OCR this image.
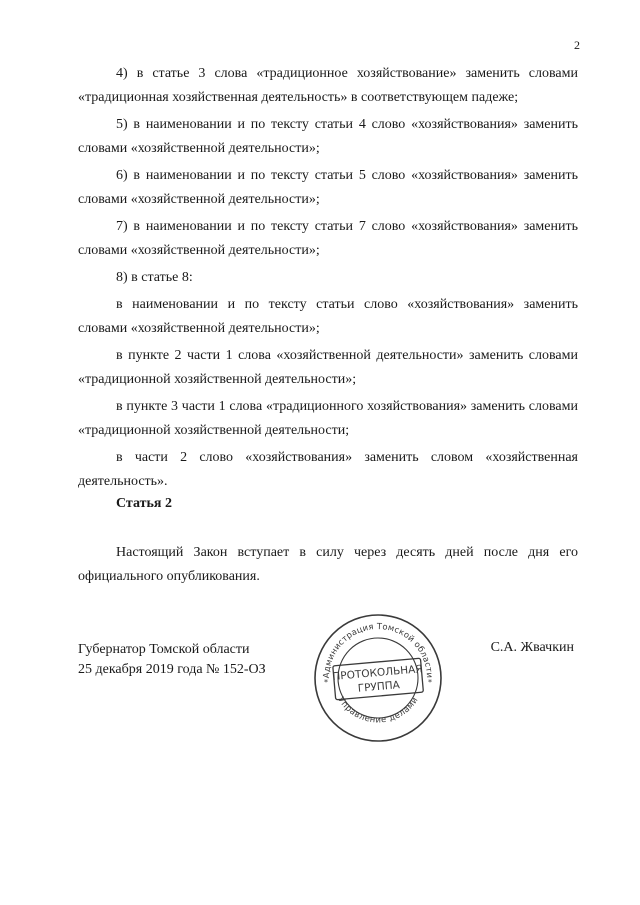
2

4) в статье 3 слова «традиционное хозяйствование» заменить словами «традиционная хозяйственная деятельность» в соответствующем падеже;

5) в наименовании и по тексту статьи 4 слово «хозяйствования» заменить словами «хозяйственной деятельности»;

6) в наименовании и по тексту статьи 5 слово «хозяйствования» заменить словами «хозяйственной деятельности»;

7) в наименовании и по тексту статьи 7 слово «хозяйствования» заменить словами «хозяйственной деятельности»;

8) в статье 8:

в наименовании и по тексту статьи слово «хозяйствования» заменить словами «хозяйственной деятельности»;

в пункте 2 части 1 слова «хозяйственной деятельности» заменить словами «традиционной хозяйственной деятельности»;

в пункте 3 части 1 слова «традиционного хозяйствования» заменить словами «традиционной хозяйственной деятельности;

в части 2 слово «хозяйствования» заменить словом «хозяйственная деятельность».

Статья 2

Настоящий Закон вступает в силу через десять дней после дня его официального опубликования.

Губернатор Томской области
25 декабря 2019 года № 152-ОЗ
С.А. Жвачкин
Администрация Томской области
Управление делами
ПРОТОКОЛЬНАЯ
ГРУППА
*	*
